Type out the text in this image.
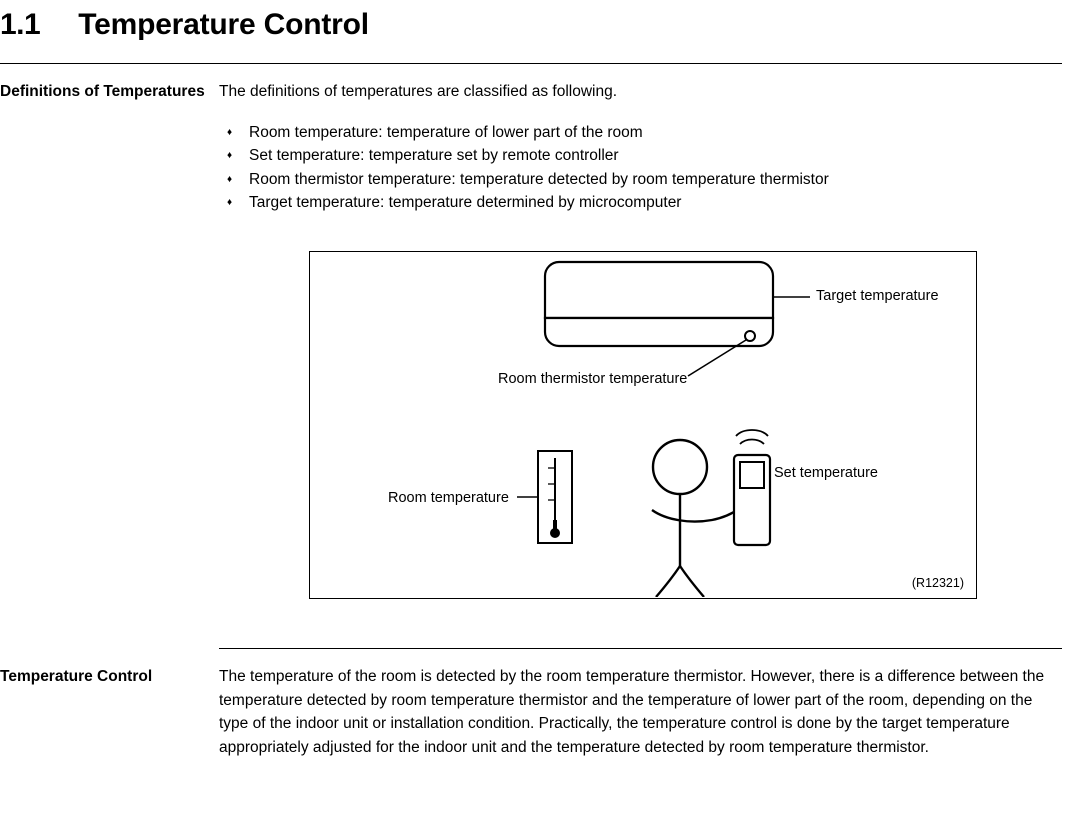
1.1 Temperature Control
Definitions of Temperatures The definitions of temperatures are classified as following.

♦ Room temperature: temperature of lower part of the room
♦ Set temperature: temperature set by remote controller
♦ Room thermistor temperature: temperature detected by room temperature thermistor
♦ Target temperature: temperature determined by microcomputer
Target temperature
Room thermistor temperature
Room temperature
Set temperature
(R12321)
Temperature Control	The temperature of the room is detected by the room temperature thermistor. However, there is a difference between the temperature detected by room temperature thermistor and the temperature of lower part of the room, depending on the type of the indoor unit or installation condition. Practically, the temperature control is done by the target temperature appropriately adjusted for the indoor unit and the temperature detected by room temperature thermistor.
